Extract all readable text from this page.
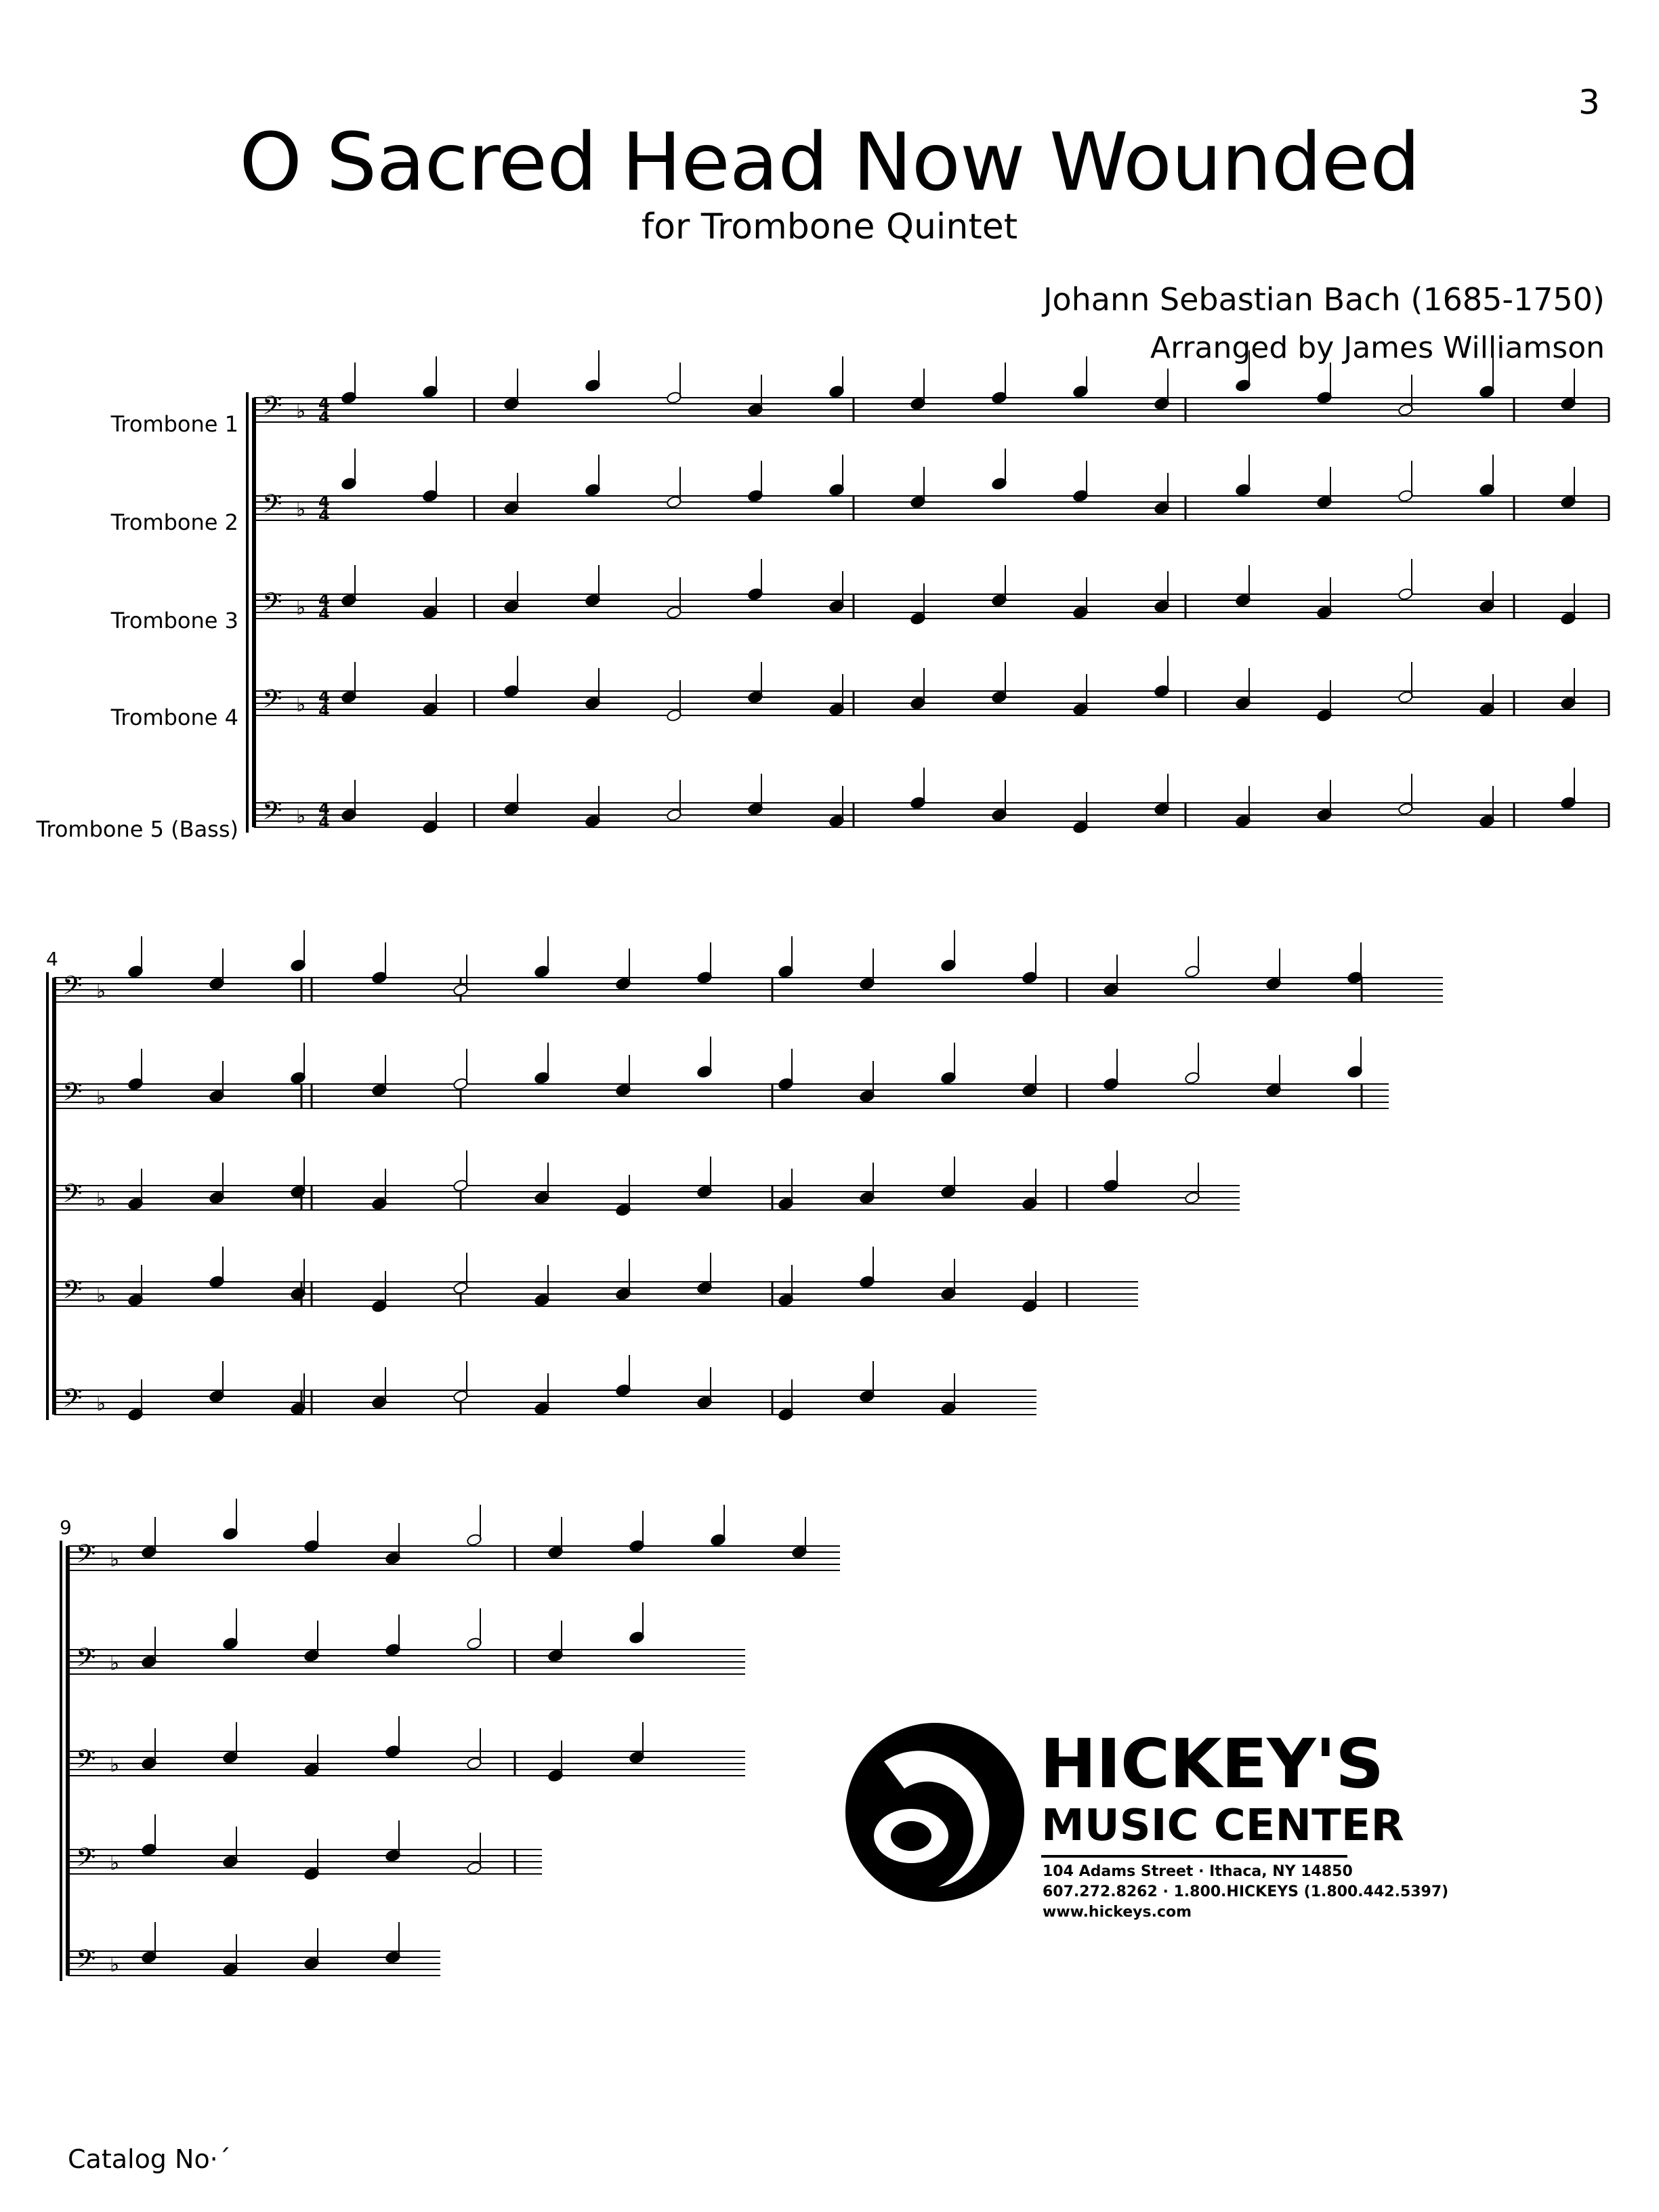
3
O Sacred Head Now Wounded
for Trombone Quintet
Johann Sebastian Bach (1685-1750)
Arranged by James Williamson
Trombone 1
Trombone 2
Trombone 3
Trombone 4
Trombone 5 (Bass)
𝄢 ♭ 4
4
𝄢 ♭ 4
4
𝄢 ♭ 4
4
𝄢 ♭ 4
4
𝄢 ♭ 4
4
𝄢 ♭
𝄢 ♭
𝄢 ♭
𝄢 ♭
𝄢 ♭
4
𝄢 ♭
𝄢 ♭
𝄢 ♭
𝄢 ♭
𝄢 ♭
9
HICKEY'S
MUSIC CENTER
104 Adams Street · Ithaca, NY 14850
607.272.8262 · 1.800.HICKEYS (1.800.442.5397)
www.hickeys.com
Catalog No·´
